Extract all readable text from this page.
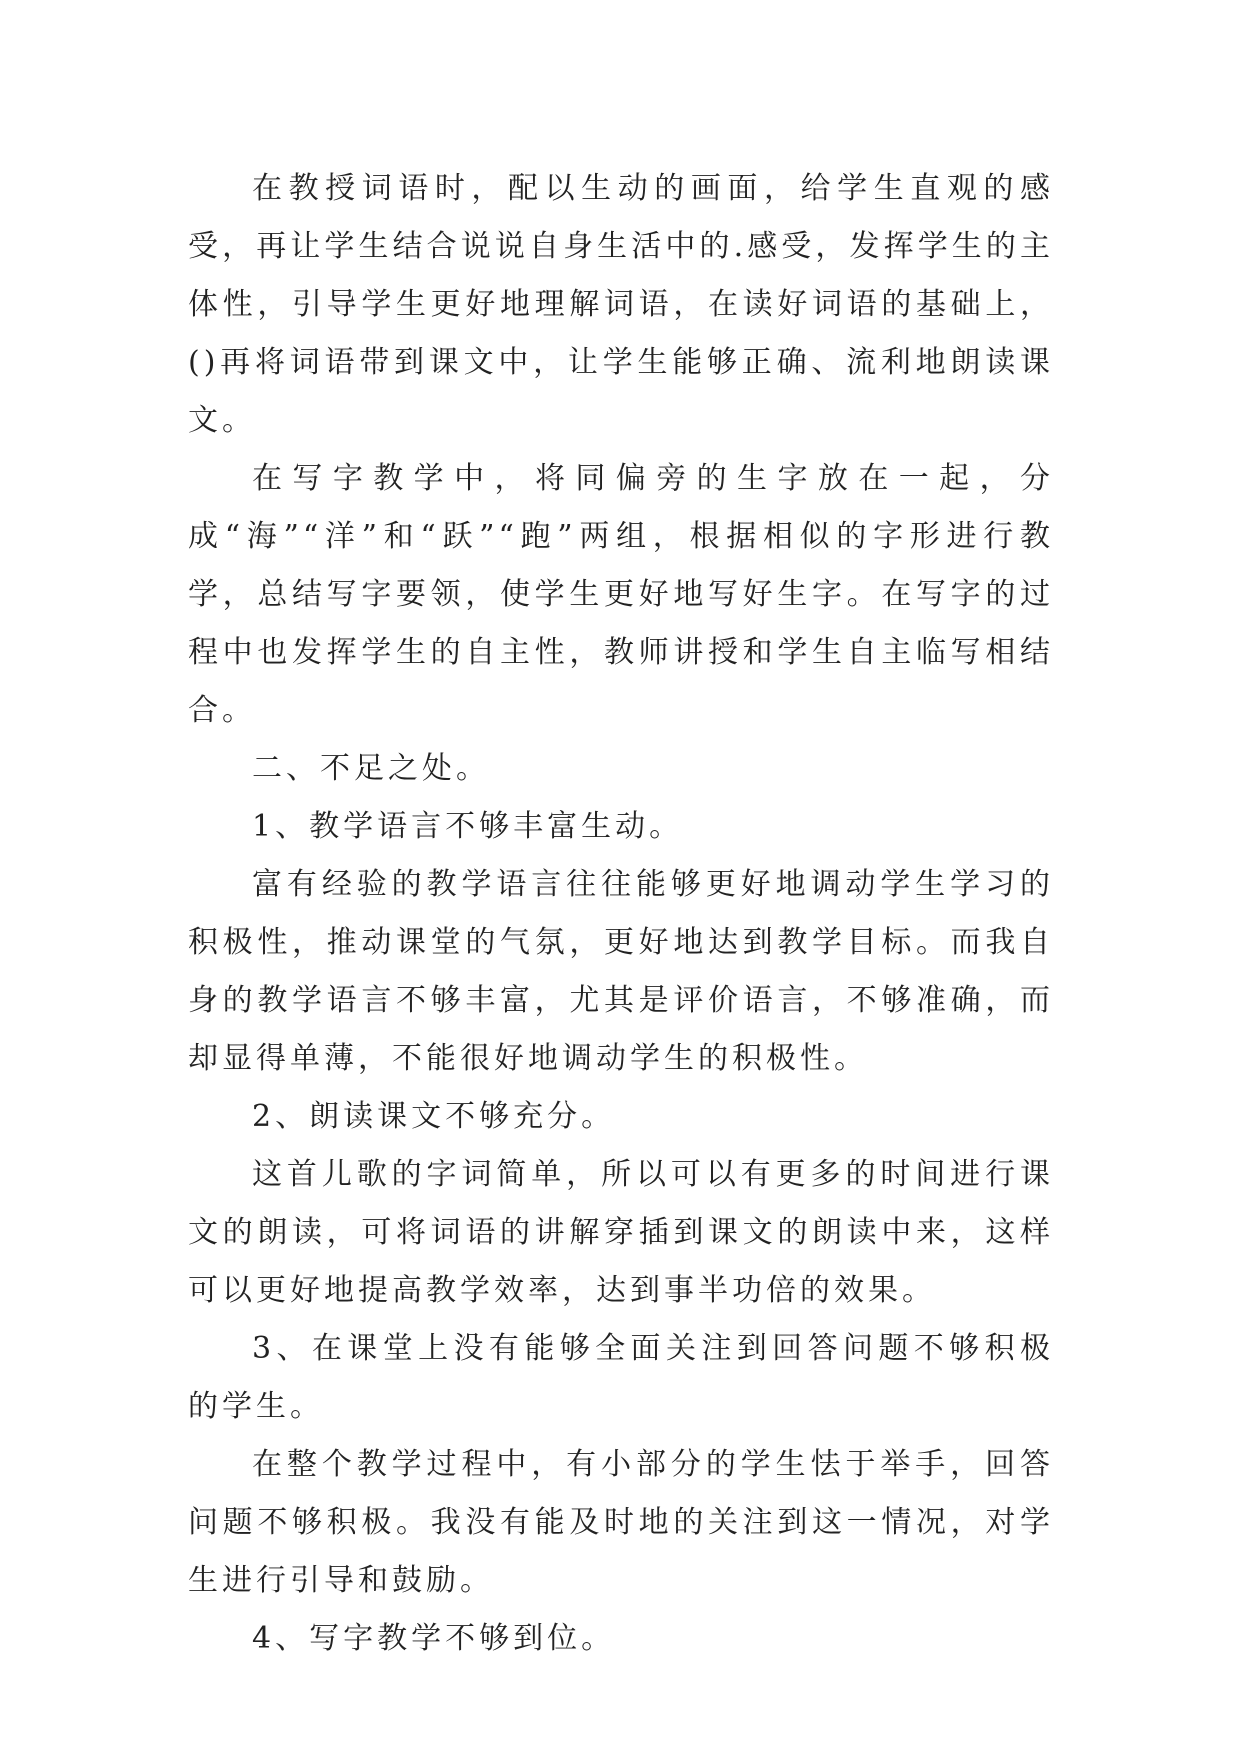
在教授词语时，配以生动的画面，给学生直观的感受，再让学生结合说说自身生活中的.感受，发挥学生的主体性，引导学生更好地理解词语，在读好词语的基础上，()再将词语带到课文中，让学生能够正确、流利地朗读课文。

在写字教学中，将同偏旁的生字放在一起，分成“海”“洋”和“跃”“跑”两组，根据相似的字形进行教学，总结写字要领，使学生更好地写好生字。在写字的过程中也发挥学生的自主性，教师讲授和学生自主临写相结合。

二、不足之处。

1、教学语言不够丰富生动。

富有经验的教学语言往往能够更好地调动学生学习的积极性，推动课堂的气氛，更好地达到教学目标。而我自身的教学语言不够丰富，尤其是评价语言，不够准确，而却显得单薄，不能很好地调动学生的积极性。

2、朗读课文不够充分。

这首儿歌的字词简单，所以可以有更多的时间进行课文的朗读，可将词语的讲解穿插到课文的朗读中来，这样可以更好地提高教学效率，达到事半功倍的效果。

3、在课堂上没有能够全面关注到回答问题不够积极的学生。

在整个教学过程中，有小部分的学生怯于举手，回答问题不够积极。我没有能及时地的关注到这一情况，对学生进行引导和鼓励。

4、写字教学不够到位。
